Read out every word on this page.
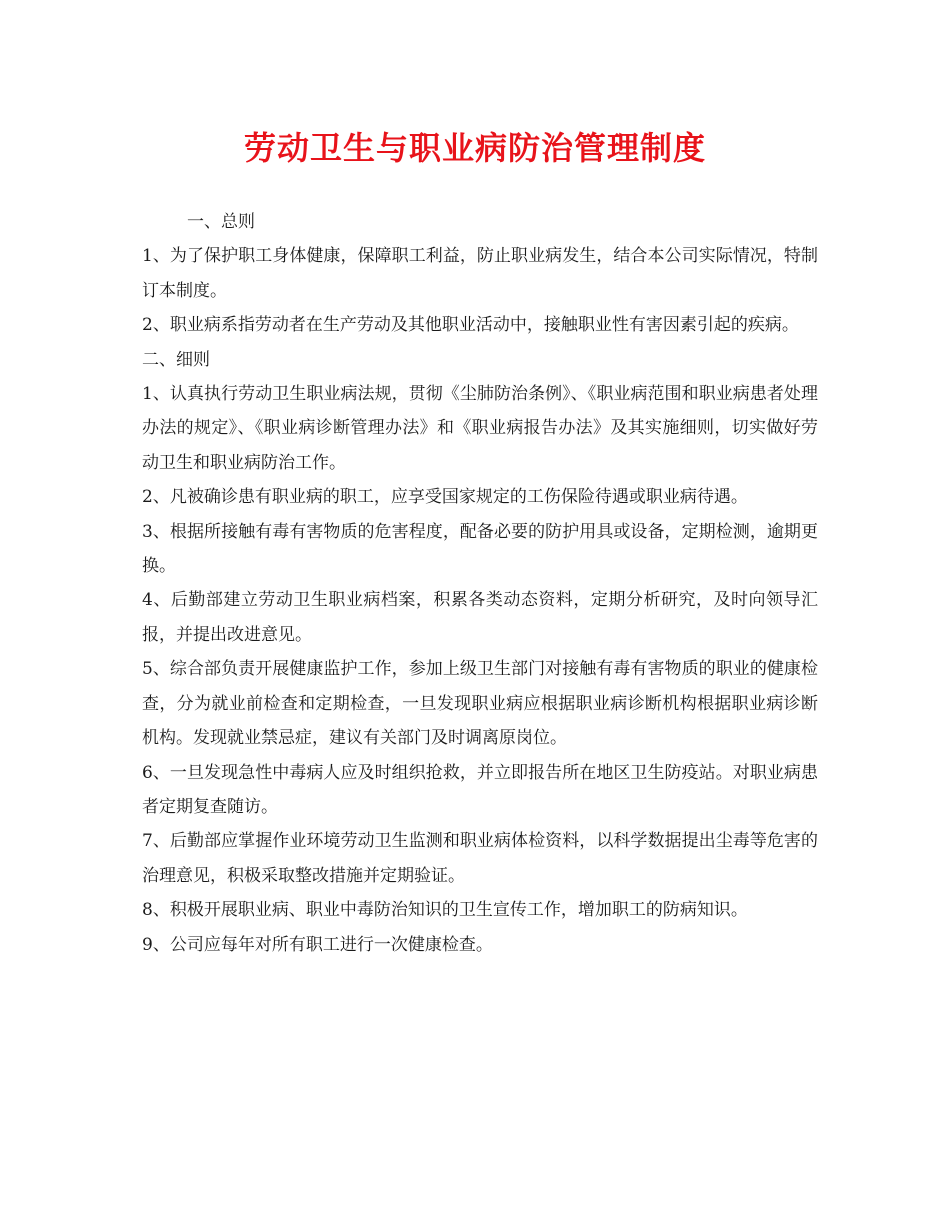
劳动卫生与职业病防治管理制度

一、总则

1、为了保护职工身体健康，保障职工利益，防止职业病发生，结合本公司实际情况，特制订本制度。

2、职业病系指劳动者在生产劳动及其他职业活动中，接触职业性有害因素引起的疾病。

二、细则

1、认真执行劳动卫生职业病法规，贯彻《尘肺防治条例》、《职业病范围和职业病患者处理办法的规定》、《职业病诊断管理办法》和《职业病报告办法》及其实施细则，切实做好劳动卫生和职业病防治工作。

2、凡被确诊患有职业病的职工，应享受国家规定的工伤保险待遇或职业病待遇。

3、根据所接触有毒有害物质的危害程度，配备必要的防护用具或设备，定期检测，逾期更换。

4、后勤部建立劳动卫生职业病档案，积累各类动态资料，定期分析研究，及时向领导汇报，并提出改进意见。

5、综合部负责开展健康监护工作，参加上级卫生部门对接触有毒有害物质的职业的健康检查，分为就业前检查和定期检查，一旦发现职业病应根据职业病诊断机构根据职业病诊断机构。发现就业禁忌症，建议有关部门及时调离原岗位。

6、一旦发现急性中毒病人应及时组织抢救，并立即报告所在地区卫生防疫站。对职业病患者定期复查随访。

7、后勤部应掌握作业环境劳动卫生监测和职业病体检资料，以科学数据提出尘毒等危害的治理意见，积极采取整改措施并定期验证。

8、积极开展职业病、职业中毒防治知识的卫生宣传工作，增加职工的防病知识。

9、公司应每年对所有职工进行一次健康检查。
